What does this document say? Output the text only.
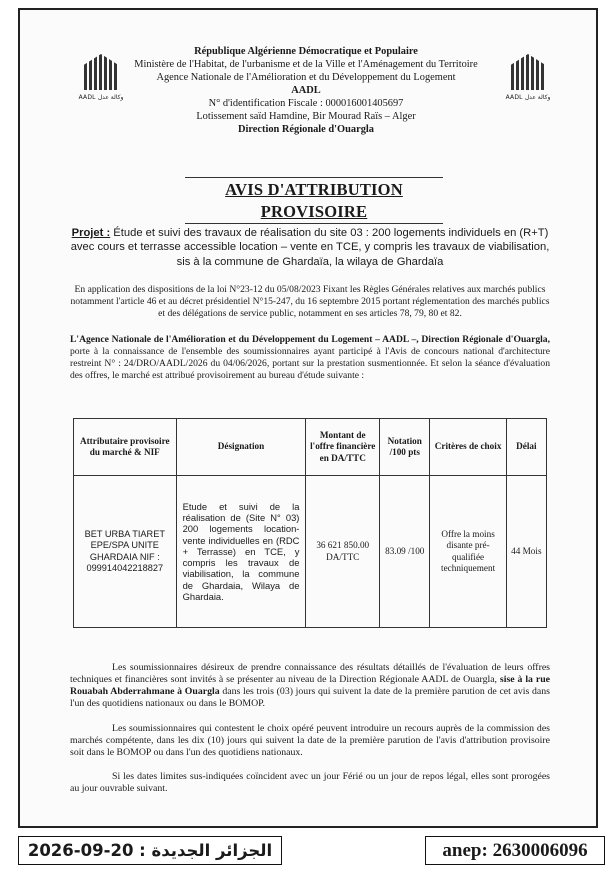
AADL وكالة عدل	AADL وكالة عدل
République Algérienne Démocratique et Populaire
Ministère de l'Habitat, de l'urbanisme et de la Ville et l'Aménagement du Territoire
Agence Nationale de l'Amélioration et du Développement du Logement
AADL
N° d'identification Fiscale : 000016001405697
Lotissement saïd Hamdine, Bir Mourad Raïs – Alger
Direction Régionale d'Ouargla
AVIS D'ATTRIBUTION PROVISOIRE
Projet : Étude et suivi des travaux de réalisation du site 03 : 200 logements individuels en (R+T) avec cours et terrasse accessible location – vente en TCE, y compris les travaux de viabilisation, sis à la commune de Ghardaïa, la wilaya de Ghardaïa
En application des dispositions de la loi N°23-12 du 05/08/2023 Fixant les Règles Générales relatives aux marchés publics notamment l'article 46 et au décret présidentiel N°15-247, du 16 septembre 2015 portant réglementation des marchés publics et des délégations de service public, notamment en ses articles 78, 79, 80 et 82.
L'Agence Nationale de l'Amélioration et du Développement du Logement – AADL –, Direction Régionale d'Ouargla, porte à la connaissance de l'ensemble des soumissionnaires ayant participé à l'Avis de concours national d'architecture restreint N° : 24/DRO/AADL/2026 du 04/06/2026, portant sur la prestation susmentionnée. Et selon la séance d'évaluation des offres, le marché est attribué provisoirement au bureau d'étude suivante :
Attributaire provisoire du marché & NIF	Désignation	Montant de l'offre financière en DA/TTC	Notation /100 pts	Critères de choix	Délai
BET URBA TIARET EPE/SPA UNITE GHARDAIA NIF : 099914042218827	Etude et suivi de la réalisation de (Site N° 03) 200 logements location-vente individuelles en (RDC + Terrasse) en TCE, y compris les travaux de viabilisation, la commune de Ghardaia, Wilaya de Ghardaia.	36 621 850.00 DA/TTC	83.09 /100	Offre la moins disante pré-qualifiée techniquement	44 Mois
Les soumissionnaires désireux de prendre connaissance des résultats détaillés de l'évaluation de leurs offres techniques et financières sont invités à se présenter au niveau de la Direction Régionale AADL de Ouargla, sise à la rue Rouabah Abderrahmane à Ouargla dans les trois (03) jours qui suivent la date de la première parution de cet avis dans l'un des quotidiens nationaux ou dans le BOMOP.
Les soumissionnaires qui contestent le choix opéré peuvent introduire un recours auprès de la commission des marchés compétente, dans les dix (10) jours qui suivent la date de la première parution de l'avis d'attribution provisoire soit dans le BOMOP ou dans l'un des quotidiens nationaux.
Si les dates limites sus-indiquées coïncident avec un jour Férié ou un jour de repos légal, elles sont prorogées au jour ouvrable suivant.
الجزائر الجديدة : 20-09-2026	anep: 2630006096
